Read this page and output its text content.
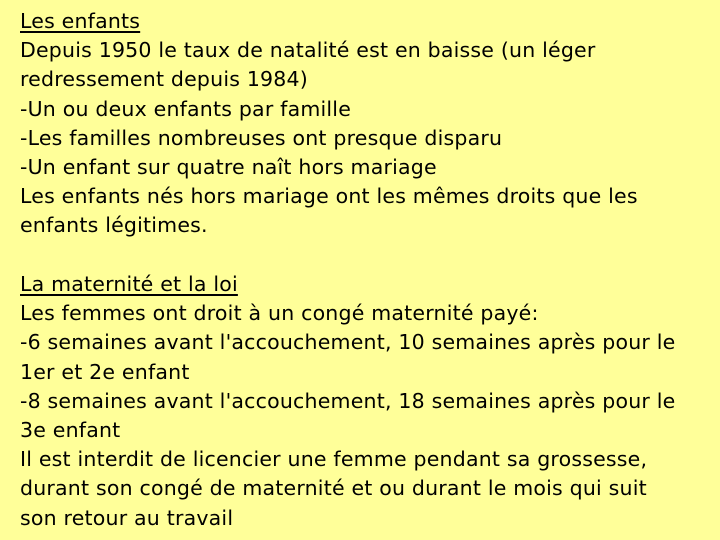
Les enfants
Depuis 1950 le taux de natalité est en baisse (un léger
redressement depuis 1984)
-Un ou deux enfants par famille
-Les familles nombreuses ont presque disparu
-Un enfant sur quatre naît hors mariage
Les enfants nés hors mariage ont les mêmes droits que les
enfants légitimes.
La maternité et la loi
Les femmes ont droit à un congé maternité payé:
-6 semaines avant l'accouchement, 10 semaines après pour le
1er et 2e enfant
-8 semaines avant l'accouchement, 18 semaines après pour le
3e enfant
Il est interdit de licencier une femme pendant sa grossesse,
durant son congé de maternité et ou durant le mois qui suit
son retour au travail
